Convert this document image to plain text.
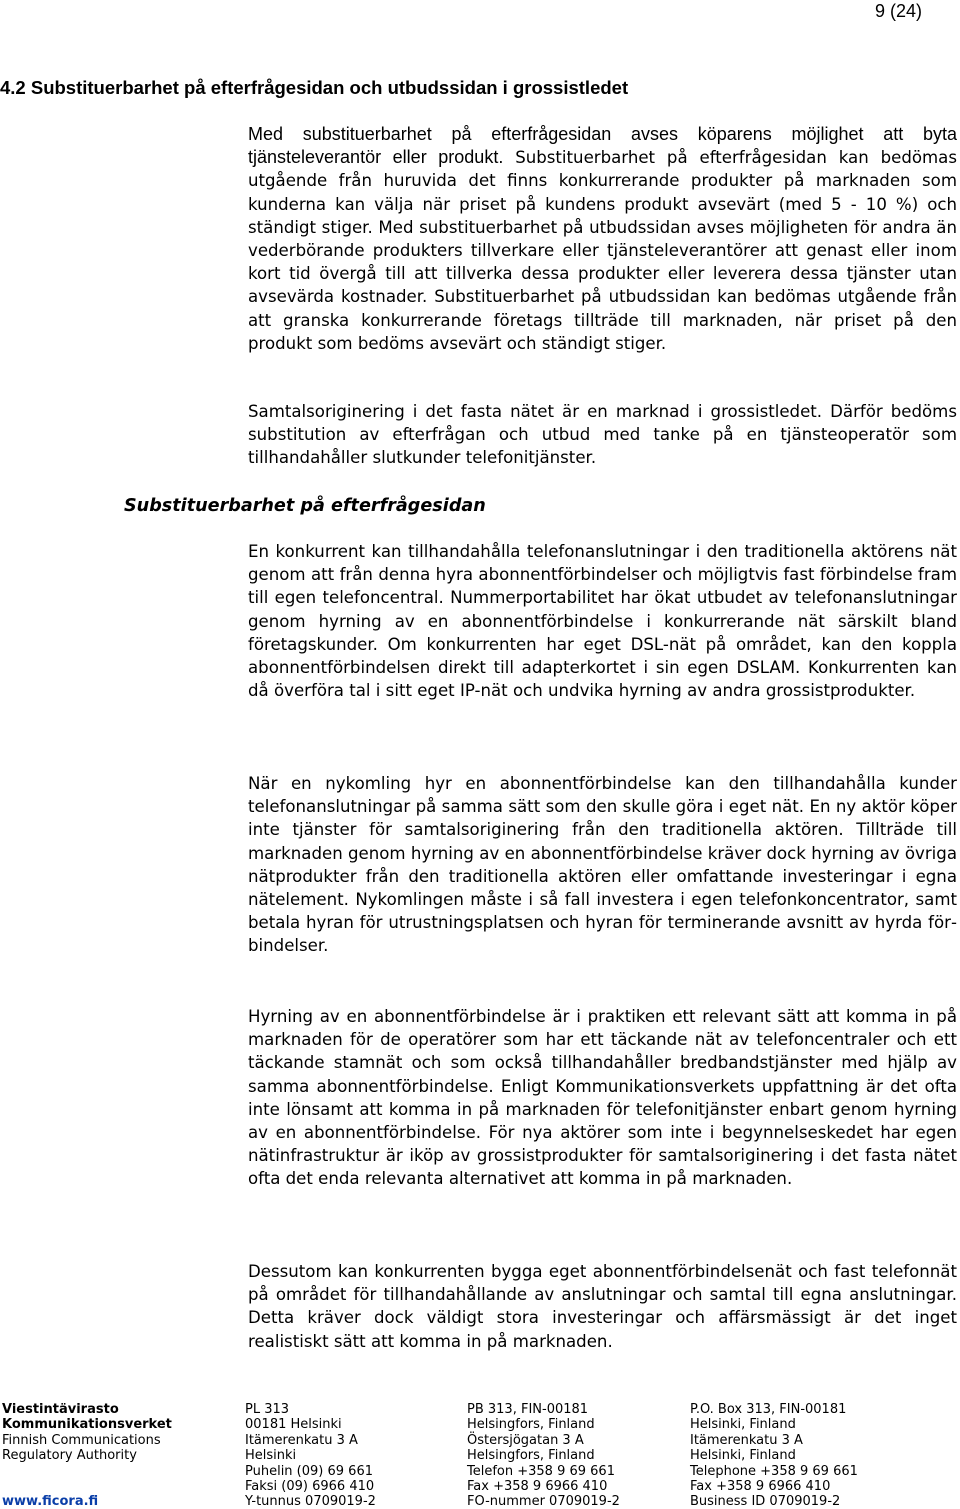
9 (24)
4.2 Substituerbarhet på efterfrågesidan och utbudssidan i grossistledet

Med substituerbarhet på efterfrågesidan avses köparens möjlighet att byta tjänsteleverantör eller produkt. Substituerbarhet på efterfrågesidan kan bedömas utgående från huruvida det finns konkurrerande produkter på marknaden som kunderna kan välja när priset på kundens produkt avsevärt (med 5 - 10 %) och ständigt stiger. Med substituerbarhet på utbudssidan avses möjligheten för andra än vederbörande produkters tillverkare eller tjänsteleverantörer att genast eller inom kort tid övergå till att tillverka dessa produkter eller leverera dessa tjänster utan avsevärda kostnader. Substituerbarhet på utbudssidan kan bedömas utgående från att granska konkurrerande företags tillträde till marknaden, när priset på den produkt som bedöms avsevärt och ständigt stiger.

Samtalsoriginering i det fasta nätet är en marknad i grossistledet. Därför bedöms substitution av efterfrågan och utbud med tanke på en tjänsteoperatör som tillhandahåller slutkunder telefonitjänster.

Substituerbarhet på efterfrågesidan

En konkurrent kan tillhandahålla telefonanslutningar i den traditionella aktörens nät genom att från denna hyra abonnentförbindelser och möjligtvis fast förbindelse fram till egen telefoncentral. Nummerportabilitet har ökat utbudet av telefonanslutningar genom hyrning av en abonnentförbindelse i konkurrerande nät särskilt bland företagskunder. Om konkurrenten har eget DSL-nät på området, kan den koppla abonnentförbindelsen direkt till adapterkortet i sin egen DSLAM. Konkurrenten kan då överföra tal i sitt eget IP-nät och undvika hyrning av andra grossistprodukter.

När en nykomling hyr en abonnentförbindelse kan den tillhandahålla kunder telefonanslutningar på samma sätt som den skulle göra i eget nät. En ny aktör köper inte tjänster för samtalsoriginering från den traditionella aktören. Tillträde till marknaden genom hyrning av en abonnentförbindelse kräver dock hyrning av övriga nätprodukter från den traditionella aktören eller omfattande investeringar i egna nätelement. Nykomlingen måste i så fall investera i egen telefonkoncentrator, samt betala hyran för utrustningsplatsen och hyran för terminerande avsnitt av hyrda förbindelser.

Hyrning av en abonnentförbindelse är i praktiken ett relevant sätt att komma in på marknaden för de operatörer som har ett täckande nät av telefoncentraler och ett täckande stamnät och som också tillhandahåller bredbandstjänster med hjälp av samma abonnentförbindelse. Enligt Kommunikationsverkets uppfattning är det ofta inte lönsamt att komma in på marknaden för telefonitjänster enbart genom hyrning av en abonnentförbindelse. För nya aktörer som inte i begynnelseskedet har egen nätinfrastruktur är iköp av grossistprodukter för samtalsoriginering i det fasta nätet ofta det enda relevanta alternativet att komma in på marknaden.

Dessutom kan konkurrenten bygga eget abonnentförbindelsenät och fast telefonnät på området för tillhandahållande av anslutningar och samtal till egna anslutningar. Detta kräver dock väldigt stora investeringar och affärsmässigt är det inget realistiskt sätt att komma in på marknaden.

Viestintävirasto
Kommunikationsverket
Finnish Communications
Regulatory Authority
www.ficora.fi
PL 313
00181 Helsinki
Itämerenkatu 3 A
Helsinki
Puhelin (09) 69 661
Faksi (09) 6966 410
Y-tunnus 0709019-2
PB 313, FIN-00181
Helsingfors, Finland
Östersjögatan 3 A
Helsingfors, Finland
Telefon +358 9 69 661
Fax +358 9 6966 410
FO-nummer 0709019-2
P.O. Box 313, FIN-00181
Helsinki, Finland
Itämerenkatu 3 A
Helsinki, Finland
Telephone +358 9 69 661
Fax +358 9 6966 410
Business ID 0709019-2
